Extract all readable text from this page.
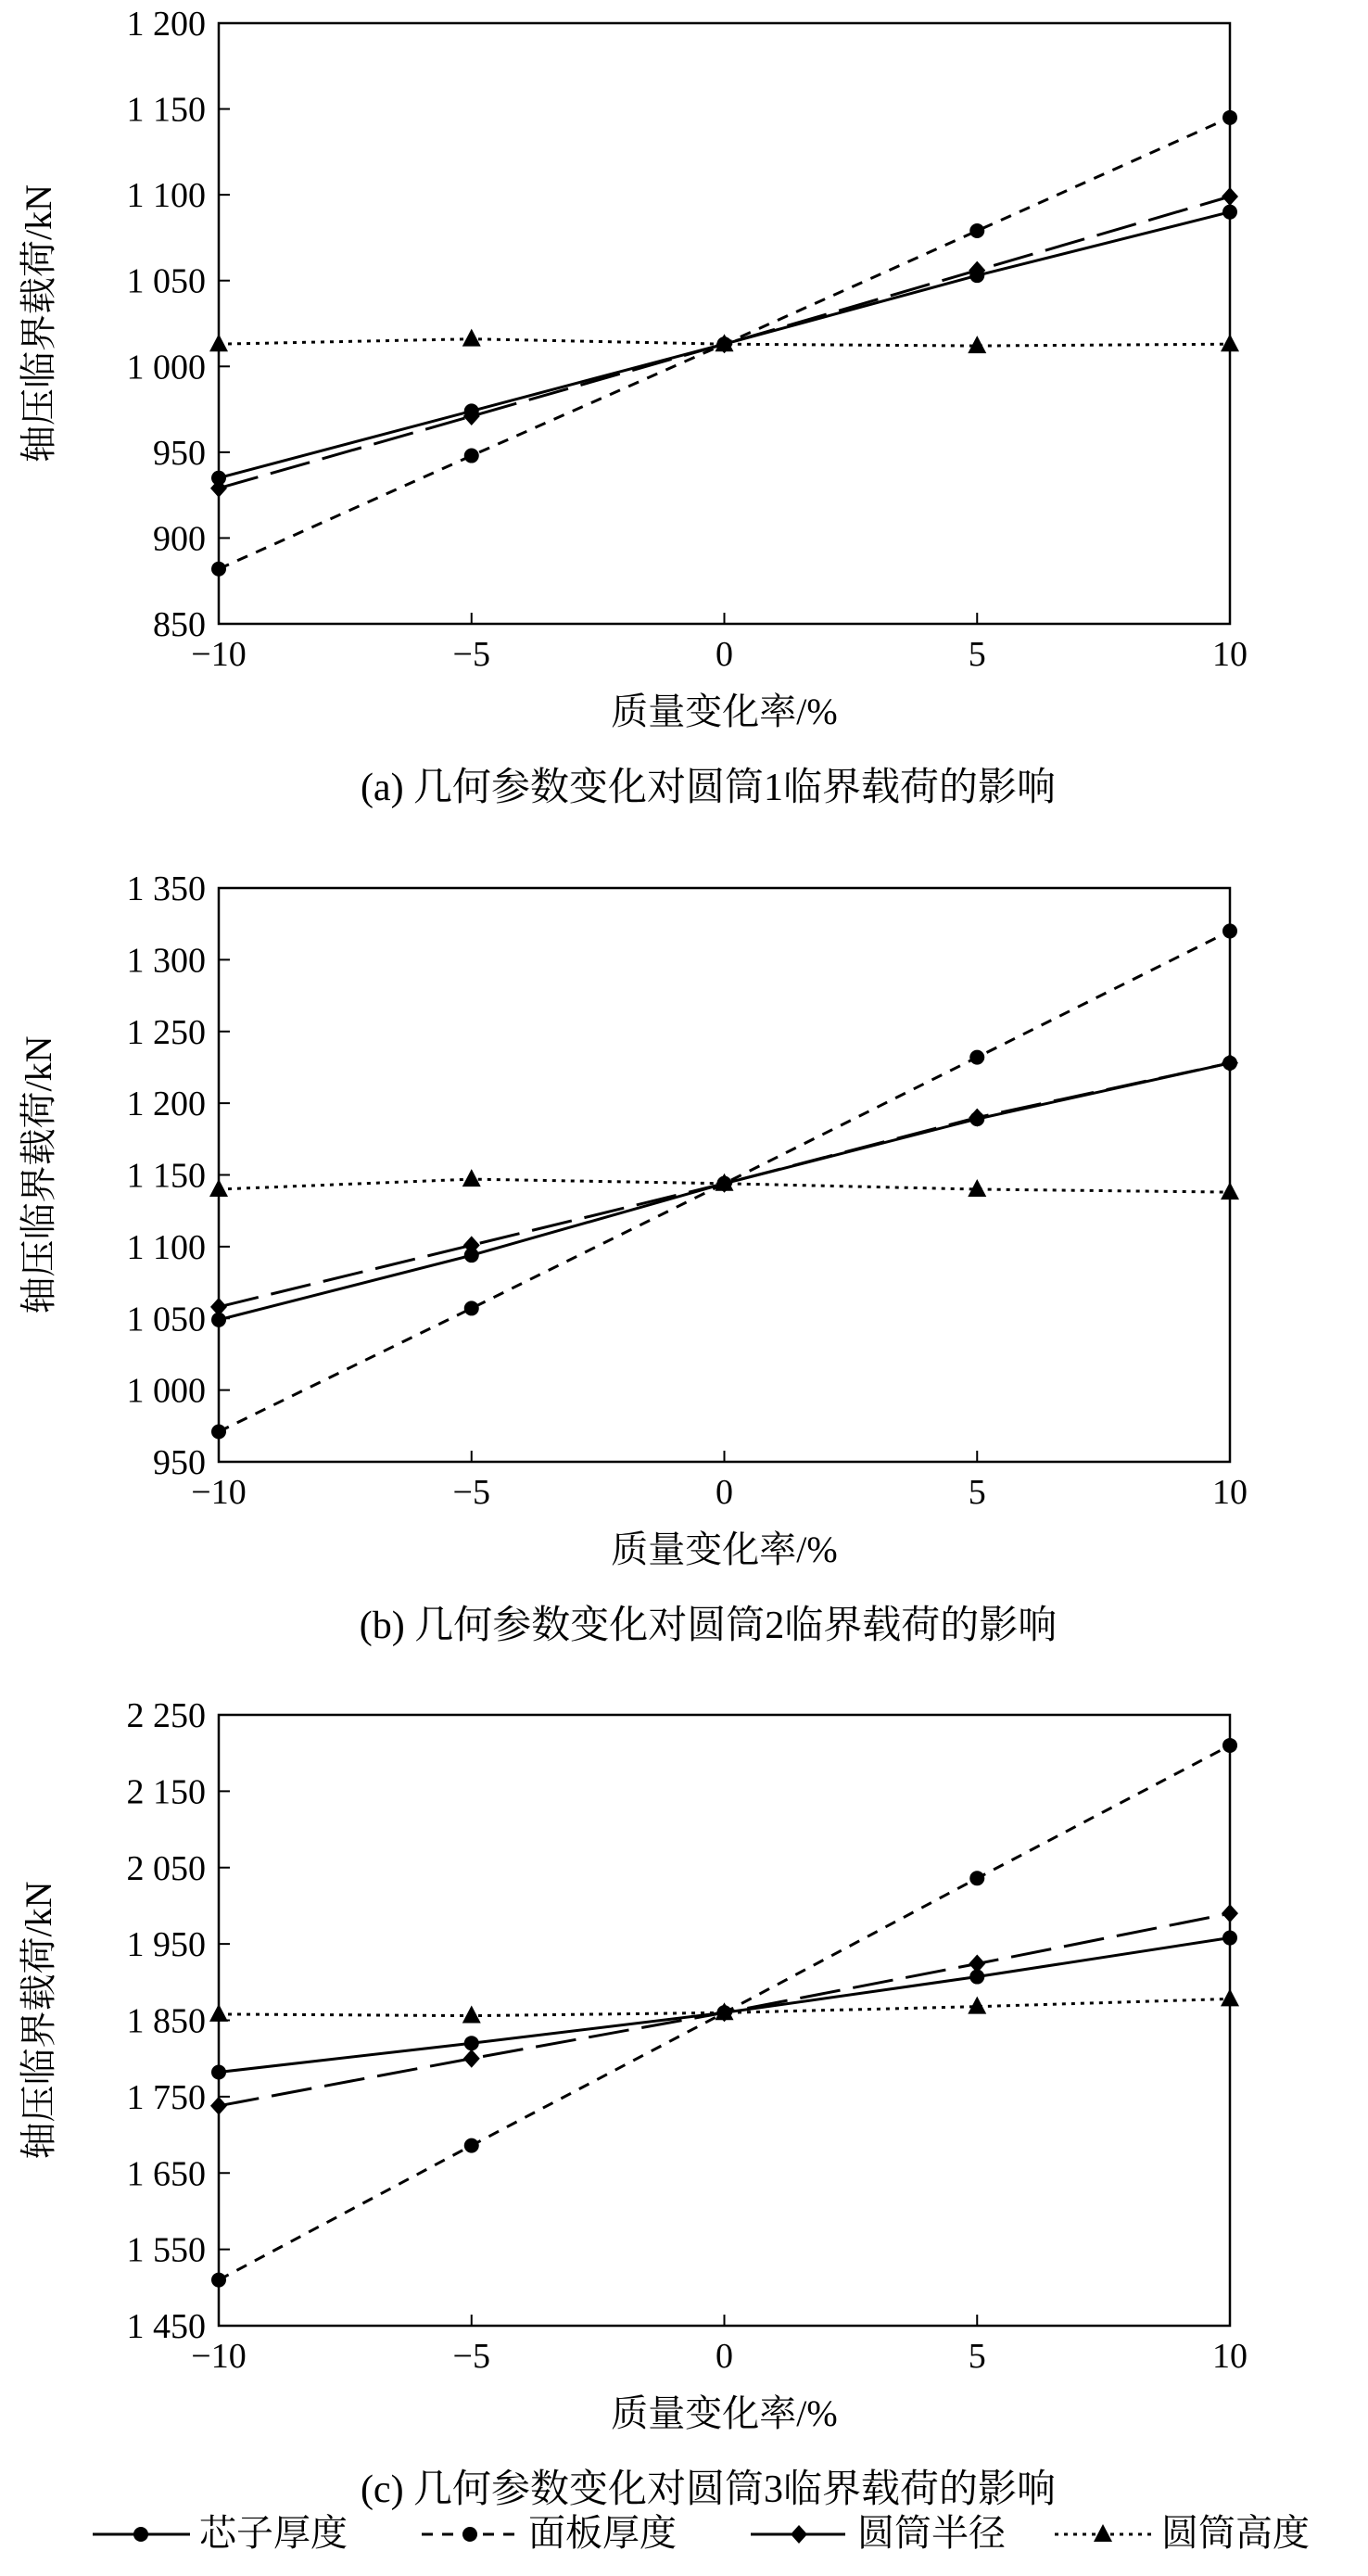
850
900
950
1 000
1 050
1 100
1 150
1 200
−10	−5	0	5	10
轴压临界载荷/kN
质量变化率/%
(a) 几何参数变化对圆筒1临界载荷的影响
950
1 000
1 050
1 100
1 150
1 200
1 250
1 300
1 350
−10	−5	0	5	10
轴压临界载荷/kN
质量变化率/%
(b) 几何参数变化对圆筒2临界载荷的影响
1 450
1 550
1 650
1 750
1 850
1 950
2 050
2 150
2 250
−10	−5	0	5	10
轴压临界载荷/kN
质量变化率/%
(c) 几何参数变化对圆筒3临界载荷的影响
芯子厚度	面板厚度	圆筒半径	圆筒高度
